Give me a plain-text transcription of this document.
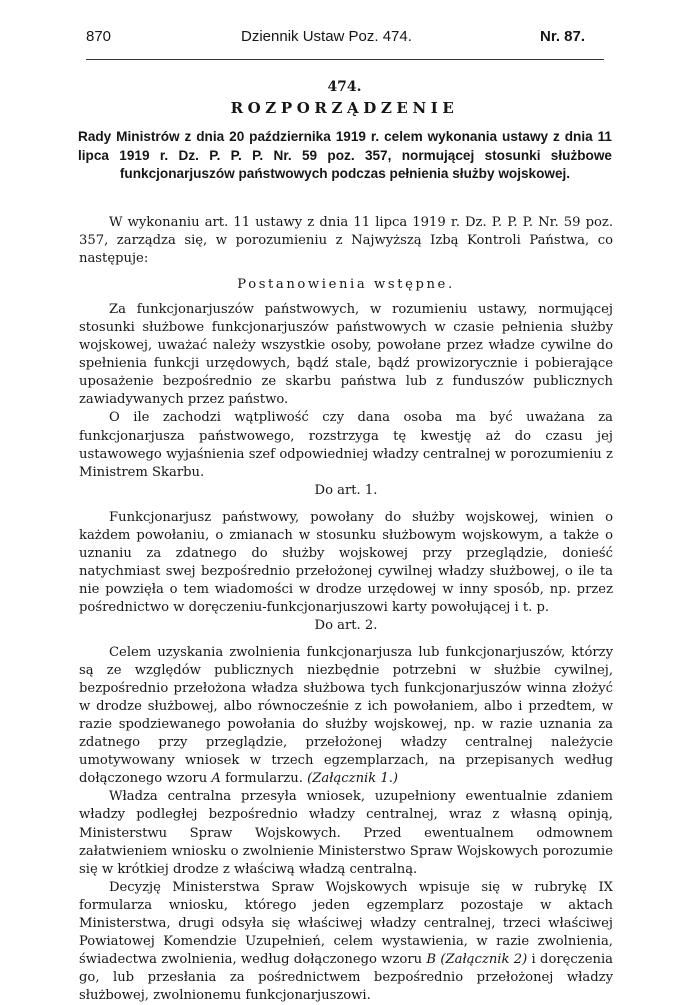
870	Dziennik Ustaw Poz. 474.	Nr. 87.
474.
ROZPORZĄDZENIE
Rady Ministrów z dnia 20 października 1919 r. celem wykonania ustawy z dnia 11 lipca 1919 r. Dz. P. P. P. Nr. 59 poz. 357, normującej stosunki służbowe funkcjonarjuszów państwowych podczas pełnienia służby wojskowej.

W wykonaniu art. 11 ustawy z dnia 11 lipca 1919 r. Dz. P. P. P. Nr. 59 poz. 357, zarządza się, w porozumieniu z Najwyższą Izbą Kontroli Państwa, co następuje:

Postanowienia wstępne.

Za funkcjonarjuszów państwowych, w rozumieniu ustawy, normującej stosunki służbowe funkcjonarjuszów państwowych w czasie pełnienia służby wojskowej, uważać należy wszystkie osoby, powołane przez władze cywilne do spełnienia funkcji urzędowych, bądź stale, bądź prowizorycznie i pobierające uposażenie bezpośrednio ze skarbu państwa lub z funduszów publicznych zawiadywanych przez państwo.

O ile zachodzi wątpliwość czy dana osoba ma być uważana za funkcjonarjusza państwowego, rozstrzyga tę kwestję aż do czasu jej ustawowego wyjaśnienia szef odpowiedniej władzy centralnej w porozumieniu z Ministrem Skarbu.

Do art. 1.

Funkcjonarjusz państwowy, powołany do służby wojskowej, winien o każdem powołaniu, o zmianach w stosunku służbowym wojskowym, a także o uznaniu za zdatnego do służby wojskowej przy przeglądzie, donieść natychmiast swej bezpośrednio przełożonej cywilnej władzy służbowej, o ile ta nie powzięła o tem wiadomości w drodze urzędowej w inny sposób, np. przez pośrednictwo w doręczeniu-funkcjonarjuszowi karty powołującej i t. p.

Do art. 2.

Celem uzyskania zwolnienia funkcjonarjusza lub funkcjonarjuszów, którzy są ze względów publicznych niezbędnie potrzebni w służbie cywilnej, bezpośrednio przełożona władza służbowa tych funkcjonarjuszów winna złożyć w drodze służbowej, albo równocześnie z ich powołaniem, albo i przedtem, w razie spodziewanego powołania do służby wojskowej, np. w razie uznania za zdatnego przy przeglądzie, przełożonej władzy centralnej należycie umotywowany wniosek w trzech egzemplarzach, na przepisanych według dołączonego wzoru A formularzu. (Załącznik 1.)

Władza centralna przesyła wniosek, uzupełniony ewentualnie zdaniem władzy podległej bezpośrednio władzy centralnej, wraz z własną opinją, Ministerstwu Spraw Wojskowych. Przed ewentualnem odmownem załatwieniem wniosku o zwolnienie Ministerstwo Spraw Wojskowych porozumie się w krótkiej drodze z właściwą władzą centralną.

Decyzję Ministerstwa Spraw Wojskowych wpisuje się w rubrykę IX formularza wniosku, którego jeden egzemplarz pozostaje w aktach Ministerstwa, drugi odsyła się właściwej władzy centralnej, trzeci właściwej Powiatowej Komendzie Uzupełnień, celem wystawienia, w razie zwolnienia, świadectwa zwolnienia, według dołączonego wzoru B (Załącznik 2) i doręczenia go, lub przesłania za pośrednictwem bezpośrednio przełożonej władzy służbowej, zwolnionemu funkcjonarjuszowi.
